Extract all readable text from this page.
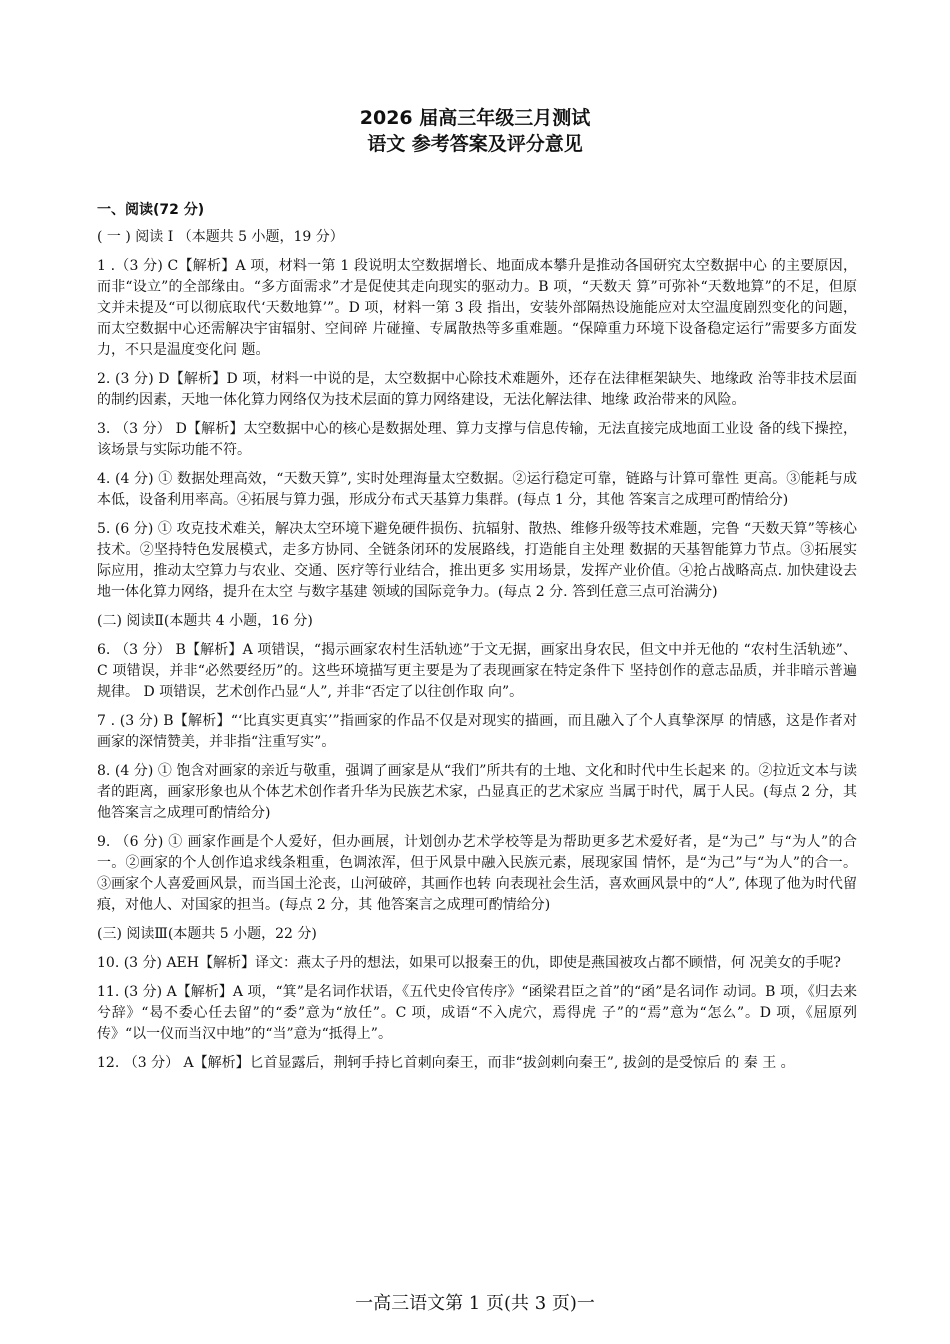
2026 届高三年级三月测试
语文 参考答案及评分意见

一、阅读(72 分)

( 一 ) 阅读 I （本题共 5 小题，19 分）

1 .（3 分) C【解析】A 项，材料一第 1 段说明太空数据增长、地面成本攀升是推动各国研究太空数据中心 的主要原因，而非“设立”的全部缘由。“多方面需求”才是促使其走向现实的驱动力。B 项，“天数天 算”可弥补“天数地算”的不足，但原文并未提及“可以彻底取代‘天数地算’”。D 项，材料一第 3 段 指出，安装外部隔热设施能应对太空温度剧烈变化的问题，而太空数据中心还需解决宇宙辐射、空间碎 片碰撞、专属散热等多重难题。“保障重力环境下设备稳定运行”需要多方面发力，不只是温度变化问 题。

2. (3 分) D【解析】D 项，材料一中说的是，太空数据中心除技术难题外，还存在法律框架缺失、地缘政 治等非技术层面的制约因素，天地一体化算力网络仅为技术层面的算力网络建设，无法化解法律、地缘 政治带来的风险。

3. （3 分） D【解析】太空数据中心的核心是数据处理、算力支撑与信息传输，无法直接完成地面工业设 备的线下操控，该场景与实际功能不符。

4. (4 分) ① 数据处理高效，“天数天算”, 实时处理海量太空数据。②运行稳定可靠，链路与计算可靠性 更高。③能耗与成本低，设备利用率高。④拓展与算力强，形成分布式天基算力集群。(每点 1 分，其他 答案言之成理可酌情给分)

5. (6 分) ① 攻克技术难关，解决太空环境下避免硬件损伤、抗辐射、散热、维修升级等技术难题，完鲁 “天数天算”等核心技术。②坚持特色发展模式，走多方协同、全链条闭环的发展路线，打造能自主处理 数据的天基智能算力节点。③拓展实际应用，推动太空算力与农业、交通、医疗等行业结合，推出更多 实用场景，发挥产业价值。④抢占战略高点. 加快建设去地一体化算力网络，提升在太空 与数字基建 领域的国际竞争力。(每点 2 分. 答到任意三点可治满分)

(二) 阅读Ⅱ(本题共 4 小题，16 分)

6. （3 分） B【解析】A 项错误，“揭示画家农村生活轨迹”于文无据，画家出身农民，但文中并无他的 “农村生活轨迹”、C 项错误，并非“必然要经历”的。这些环境描写更主要是为了表现画家在特定条件下 坚持创作的意志品质，并非暗示普遍规律。 D 项错误，艺术创作凸显“人”, 并非“否定了以往创作取 向”。

7 . (3 分) B【解析】“‘比真实更真实’”指画家的作品不仅是对现实的描画，而且融入了个人真挚深厚 的情感，这是作者对画家的深情赞美，并非指“注重写实”。

8. (4 分) ① 饱含对画家的亲近与敬重，强调了画家是从“我们”所共有的土地、文化和时代中生长起来 的。②拉近文本与读者的距离，画家形象也从个体艺术创作者升华为民族艺术家，凸显真正的艺术家应 当属于时代，属于人民。(每点 2 分，其他答案言之成理可酌情给分)

9. （6 分) ① 画家作画是个人爱好，但办画展，计划创办艺术学校等是为帮助更多艺术爱好者，是“为己” 与“为人”的合一。②画家的个人创作追求线条粗重，色调浓浑，但于风景中融入民族元素，展现家国 情怀，是“为己”与“为人”的合一。③画家个人喜爱画风景，而当国土沦丧，山河破碎，其画作也转 向表现社会生活，喜欢画风景中的“人”, 体现了他为时代留痕，对他人、对国家的担当。(每点 2 分，其 他答案言之成理可酌情给分)

(三) 阅读Ⅲ(本题共 5 小题，22 分)

10. (3 分) AEH【解析】译文：燕太子丹的想法，如果可以报秦王的仇，即使是燕国被攻占都不顾惜，何 况美女的手呢?

11. (3 分) A【解析】A 项，“箕”是名词作状语，《五代史伶官传序》“函梁君臣之首”的“函”是名词作 动词。B 项，《归去来兮辞》“曷不委心任去留”的“委”意为“放任”。C 项，成语“不入虎穴，焉得虎 子”的“焉”意为“怎么”。D 项，《屈原列传》“以一仪而当汉中地”的“当”意为“抵得上”。

12. （3 分） A【解析】匕首显露后，荆轲手持匕首刺向秦王，而非“拔剑刺向秦王”, 拔剑的是受惊后 的 秦 王 。

一高三语文第 1 页(共 3 页)一
